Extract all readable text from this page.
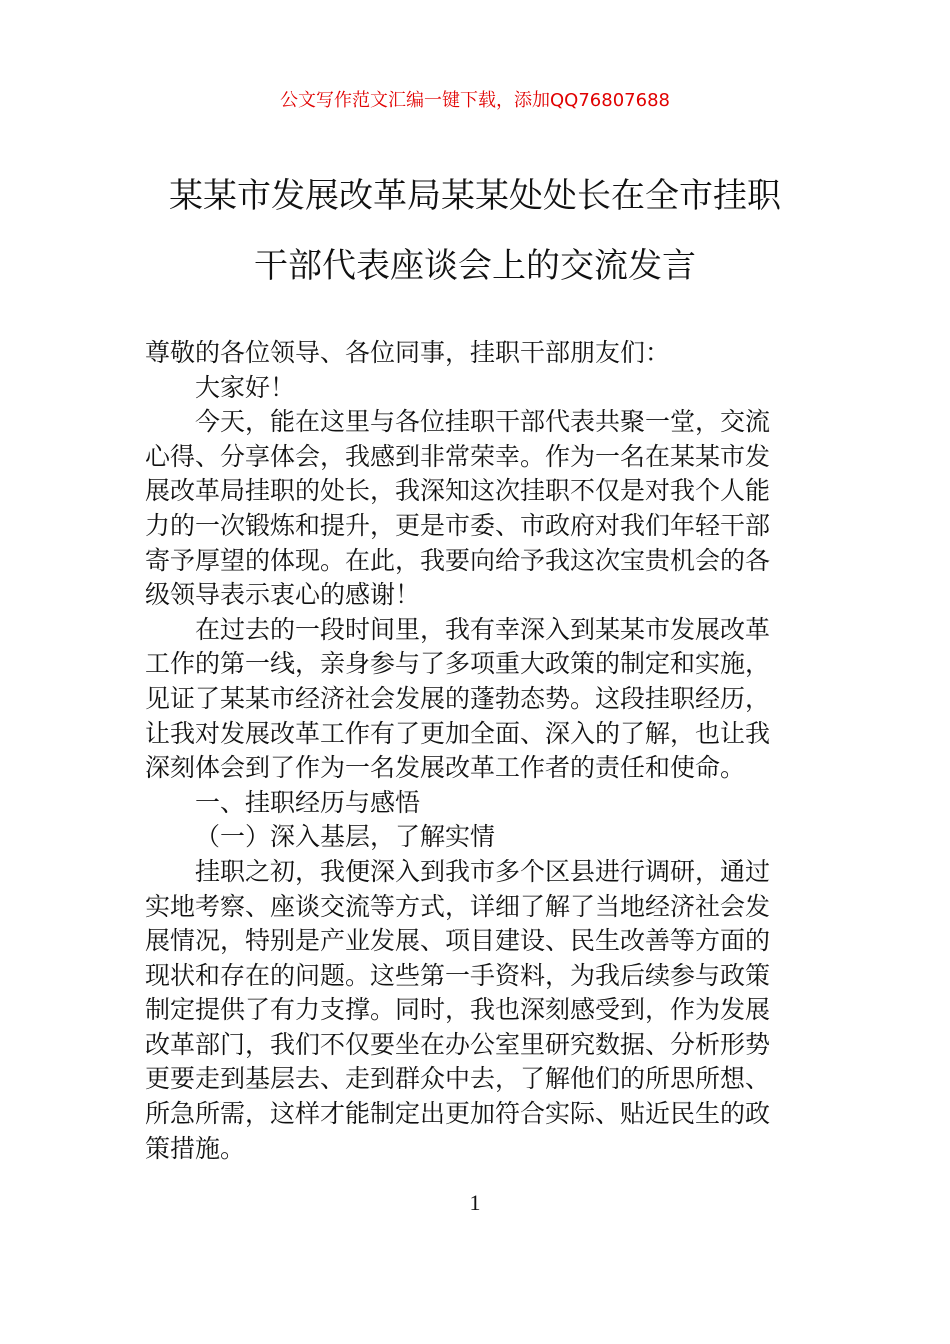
公文写作范文汇编一键下载，添加QQ76807688
某某市发展改革局某某处处长在全市挂职
干部代表座谈会上的交流发言
尊敬的各位领导、各位同事，挂职干部朋友们：
大家好！
今天，能在这里与各位挂职干部代表共聚一堂，交流
心得、分享体会，我感到非常荣幸。作为一名在某某市发
展改革局挂职的处长，我深知这次挂职不仅是对我个人能
力的一次锻炼和提升，更是市委、市政府对我们年轻干部
寄予厚望的体现。在此，我要向给予我这次宝贵机会的各
级领导表示衷心的感谢！
在过去的一段时间里，我有幸深入到某某市发展改革
工作的第一线，亲身参与了多项重大政策的制定和实施，
见证了某某市经济社会发展的蓬勃态势。这段挂职经历，
让我对发展改革工作有了更加全面、深入的了解，也让我
深刻体会到了作为一名发展改革工作者的责任和使命。
一、挂职经历与感悟
（一）深入基层，了解实情
挂职之初，我便深入到我市多个区县进行调研，通过
实地考察、座谈交流等方式，详细了解了当地经济社会发
展情况，特别是产业发展、项目建设、民生改善等方面的
现状和存在的问题。这些第一手资料，为我后续参与政策
制定提供了有力支撑。同时，我也深刻感受到，作为发展
改革部门，我们不仅要坐在办公室里研究数据、分析形势
更要走到基层去、走到群众中去，了解他们的所思所想、
所急所需，这样才能制定出更加符合实际、贴近民生的政
策措施。
1
